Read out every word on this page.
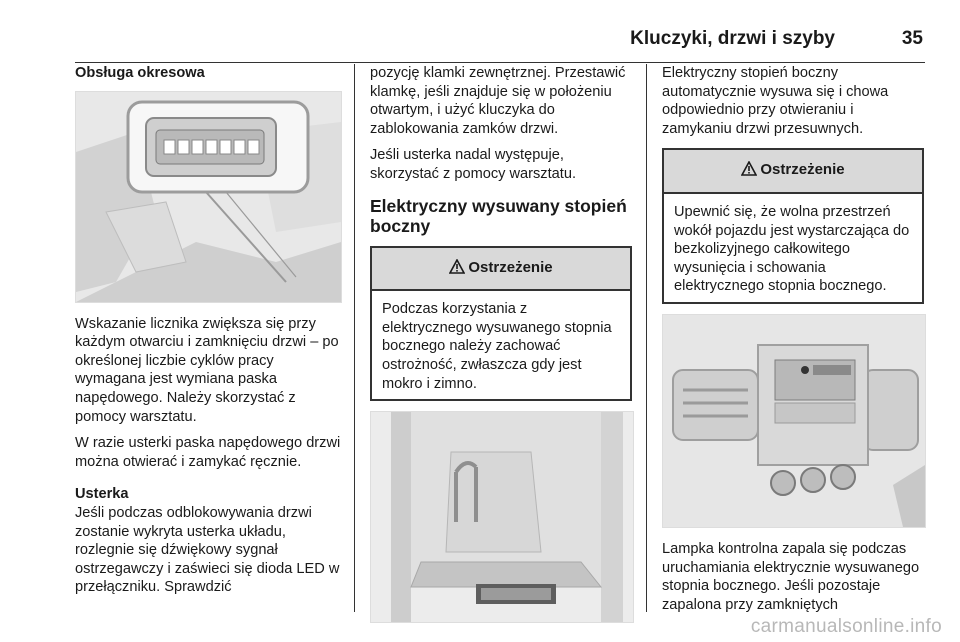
Kluczyki, drzwi i szyby	35

Obsługa okresowa

Wskazanie licznika zwiększa się przy każdym otwarciu i zamknięciu drzwi – po określonej liczbie cyklów pracy wymagana jest wymiana paska napędowego. Należy skorzystać z pomocy warsztatu.

W razie usterki paska napędowego drzwi można otwierać i zamykać ręcznie.

Usterka

Jeśli podczas odblokowywania drzwi zostanie wykryta usterka układu, rozlegnie się dźwiękowy sygnał ostrzegawczy i zaświeci się dioda LED w przełączniku. Sprawdzić

pozycję klamki zewnętrznej. Przestawić klamkę, jeśli znajduje się w położeniu otwartym, i użyć kluczyka do zablokowania zamków drzwi.

Jeśli usterka nadal występuje, skorzystać z pomocy warsztatu.

Elektryczny wysuwany stopień boczny
Ostrzeżenie
Podczas korzystania z elektrycznego wysuwanego stopnia bocznego należy zachować ostrożność, zwłaszcza gdy jest mokro i zimno.

Elektryczny stopień boczny automatycznie wysuwa się i chowa odpowiednio przy otwieraniu i zamykaniu drzwi przesuwnych.

Ostrzeżenie
Upewnić się, że wolna przestrzeń wokół pojazdu jest wystarczająca do bezkolizyjnego całkowitego wysunięcia i schowania elektrycznego stopnia bocznego.

Lampka kontrolna zapala się podczas uruchamiania elektrycznie wysuwanego stopnia bocznego. Jeśli pozostaje zapalona przy zamkniętych

carmanualsonline.info
